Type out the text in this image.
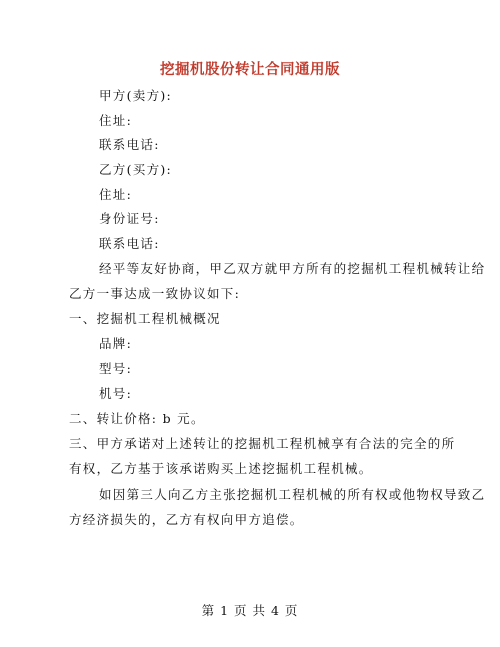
挖掘机股份转让合同通用版
甲方(卖方):
住址:
联系电话:
乙方(买方):
住址:
身份证号:
联系电话:
经平等友好协商，甲乙双方就甲方所有的挖掘机工程机械转让给
乙方一事达成一致协议如下:
一、挖掘机工程机械概况
品牌:
型号:
机号:
二、转让价格: b 元。
三、甲方承诺对上述转让的挖掘机工程机械享有合法的完全的所
有权，乙方基于该承诺购买上述挖掘机工程机械。
如因第三人向乙方主张挖掘机工程机械的所有权或他物权导致乙
方经济损失的，乙方有权向甲方追偿。
第 1 页 共 4 页
